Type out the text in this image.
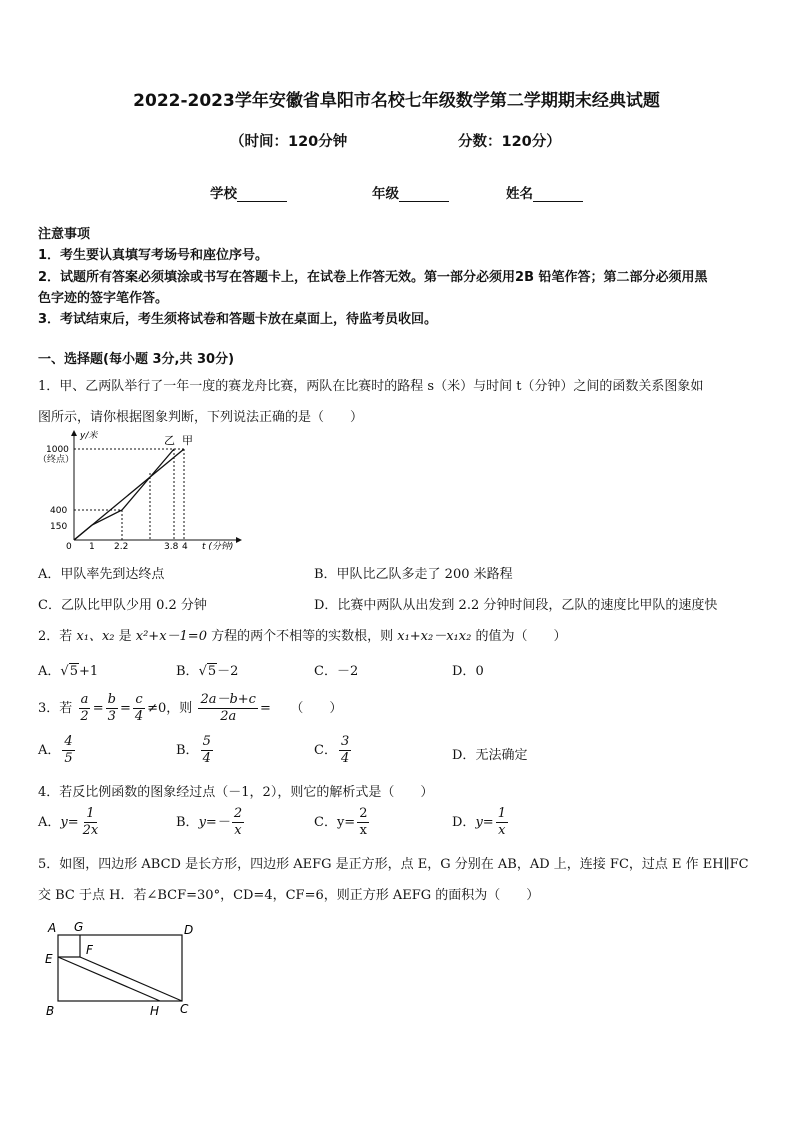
2022-2023学年安徽省阜阳市名校七年级数学第二学期期末经典试题
（时间：120分钟	分数：120分）
学校	年级	姓名
注意事项
1．考生要认真填写考场号和座位序号。
2．试题所有答案必须填涂或书写在答题卡上，在试卷上作答无效。第一部分必须用2B 铅笔作答；第二部分必须用黑
色字迹的签字笔作答。
3．考试结束后，考生须将试卷和答题卡放在桌面上，待监考员收回。
一、选择题(每小题 3分,共 30分)
1．甲、乙两队举行了一年一度的赛龙舟比赛，两队在比赛时的路程 s（米）与时间 t（分钟）之间的函数关系图象如
图所示，请你根据图象判断，下列说法正确的是（　　）
y/米
1000
（终点）
400
150
0 1 2.2	3.8 4 t (分钟)
乙 甲
A．甲队率先到达终点	B．甲队比乙队多走了 200 米路程
C．乙队比甲队少用 0.2 分钟	D．比赛中两队从出发到 2.2 分钟时间段，乙队的速度比甲队的速度快
2．若 x₁、x₂ 是 x²+x－1=0 方程的两个不相等的实数根，则 x₁+x₂－x₁x₂ 的值为（　　）
A．√5+1	B．√5－2	C．－2	D．0
3．若 $\frac{a}{2} = \frac{b}{3} = \frac{c}{4} \ne 0$，则 $\frac{2a-b+c}{2a}$ =　　（　　）
A． $\frac{4}{5}$	B． $\frac{5}{4}$	C． $\frac{3}{4}$	D．无法确定
4．若反比例函数的图象经过点（－1，2），则它的解析式是（　　）
A．$y= \frac{1}{2x}$	B．$y=- \frac{2}{x}$	C．$y= \frac{2}{x}$	D．$y= \frac{1}{x}$
5．如图，四边形 ABCD 是长方形，四边形 AEFG 是正方形，点 E，G 分别在 AB，AD 上，连接 FC，过点 E 作 EH∥FC
交 BC 于点 H．若∠BCF=30°，CD=4，CF=6，则正方形 AEFG 的面积为（　　）
A G	D
F
E
B	H C
